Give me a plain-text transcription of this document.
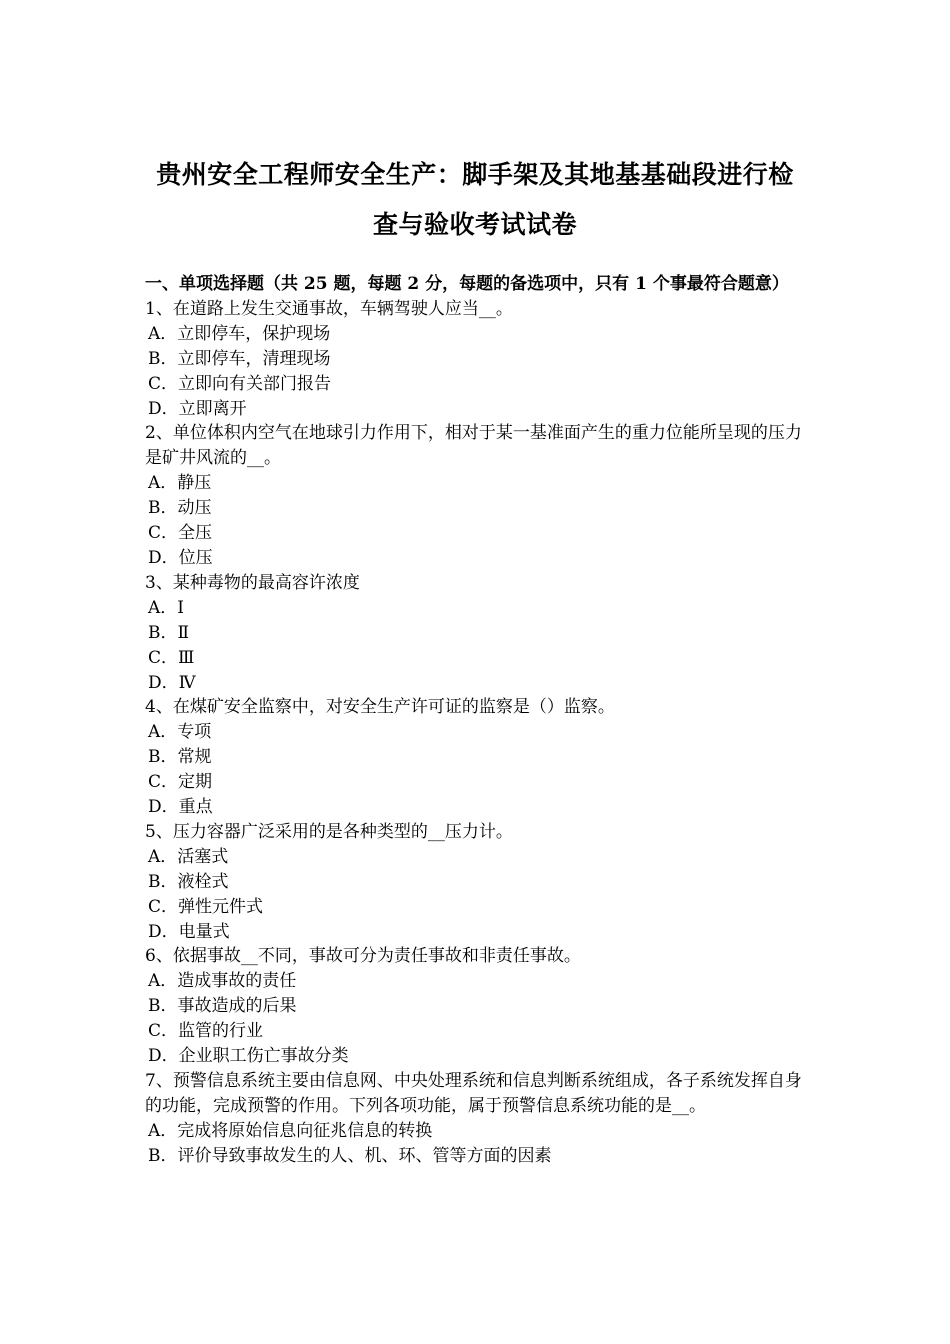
贵州安全工程师安全生产：脚手架及其地基基础段进行检
查与验收考试试卷
一、单项选择题（共 25 题，每题 2 分，每题的备选项中，只有 1 个事最符合题意）
1、在道路上发生交通事故，车辆驾驶人应当__。
A．立即停车，保护现场
B．立即停车，清理现场
C．立即向有关部门报告
D．立即离开
2、单位体积内空气在地球引力作用下，相对于某一基准面产生的重力位能所呈现的压力是矿井风流的__。
A．静压
B．动压
C．全压
D．位压
3、某种毒物的最高容许浓度
A．Ⅰ
B．Ⅱ
C．Ⅲ
D．Ⅳ
4、在煤矿安全监察中，对安全生产许可证的监察是（）监察。
A．专项
B．常规
C．定期
D．重点
5、压力容器广泛采用的是各种类型的__压力计。
A．活塞式
B．液栓式
C．弹性元件式
D．电量式
6、依据事故__不同，事故可分为责任事故和非责任事故。
A．造成事故的责任
B．事故造成的后果
C．监管的行业
D．企业职工伤亡事故分类
7、预警信息系统主要由信息网、中央处理系统和信息判断系统组成，各子系统发挥自身的功能，完成预警的作用。下列各项功能，属于预警信息系统功能的是__。
A．完成将原始信息向征兆信息的转换
B．评价导致事故发生的人、机、环、管等方面的因素
